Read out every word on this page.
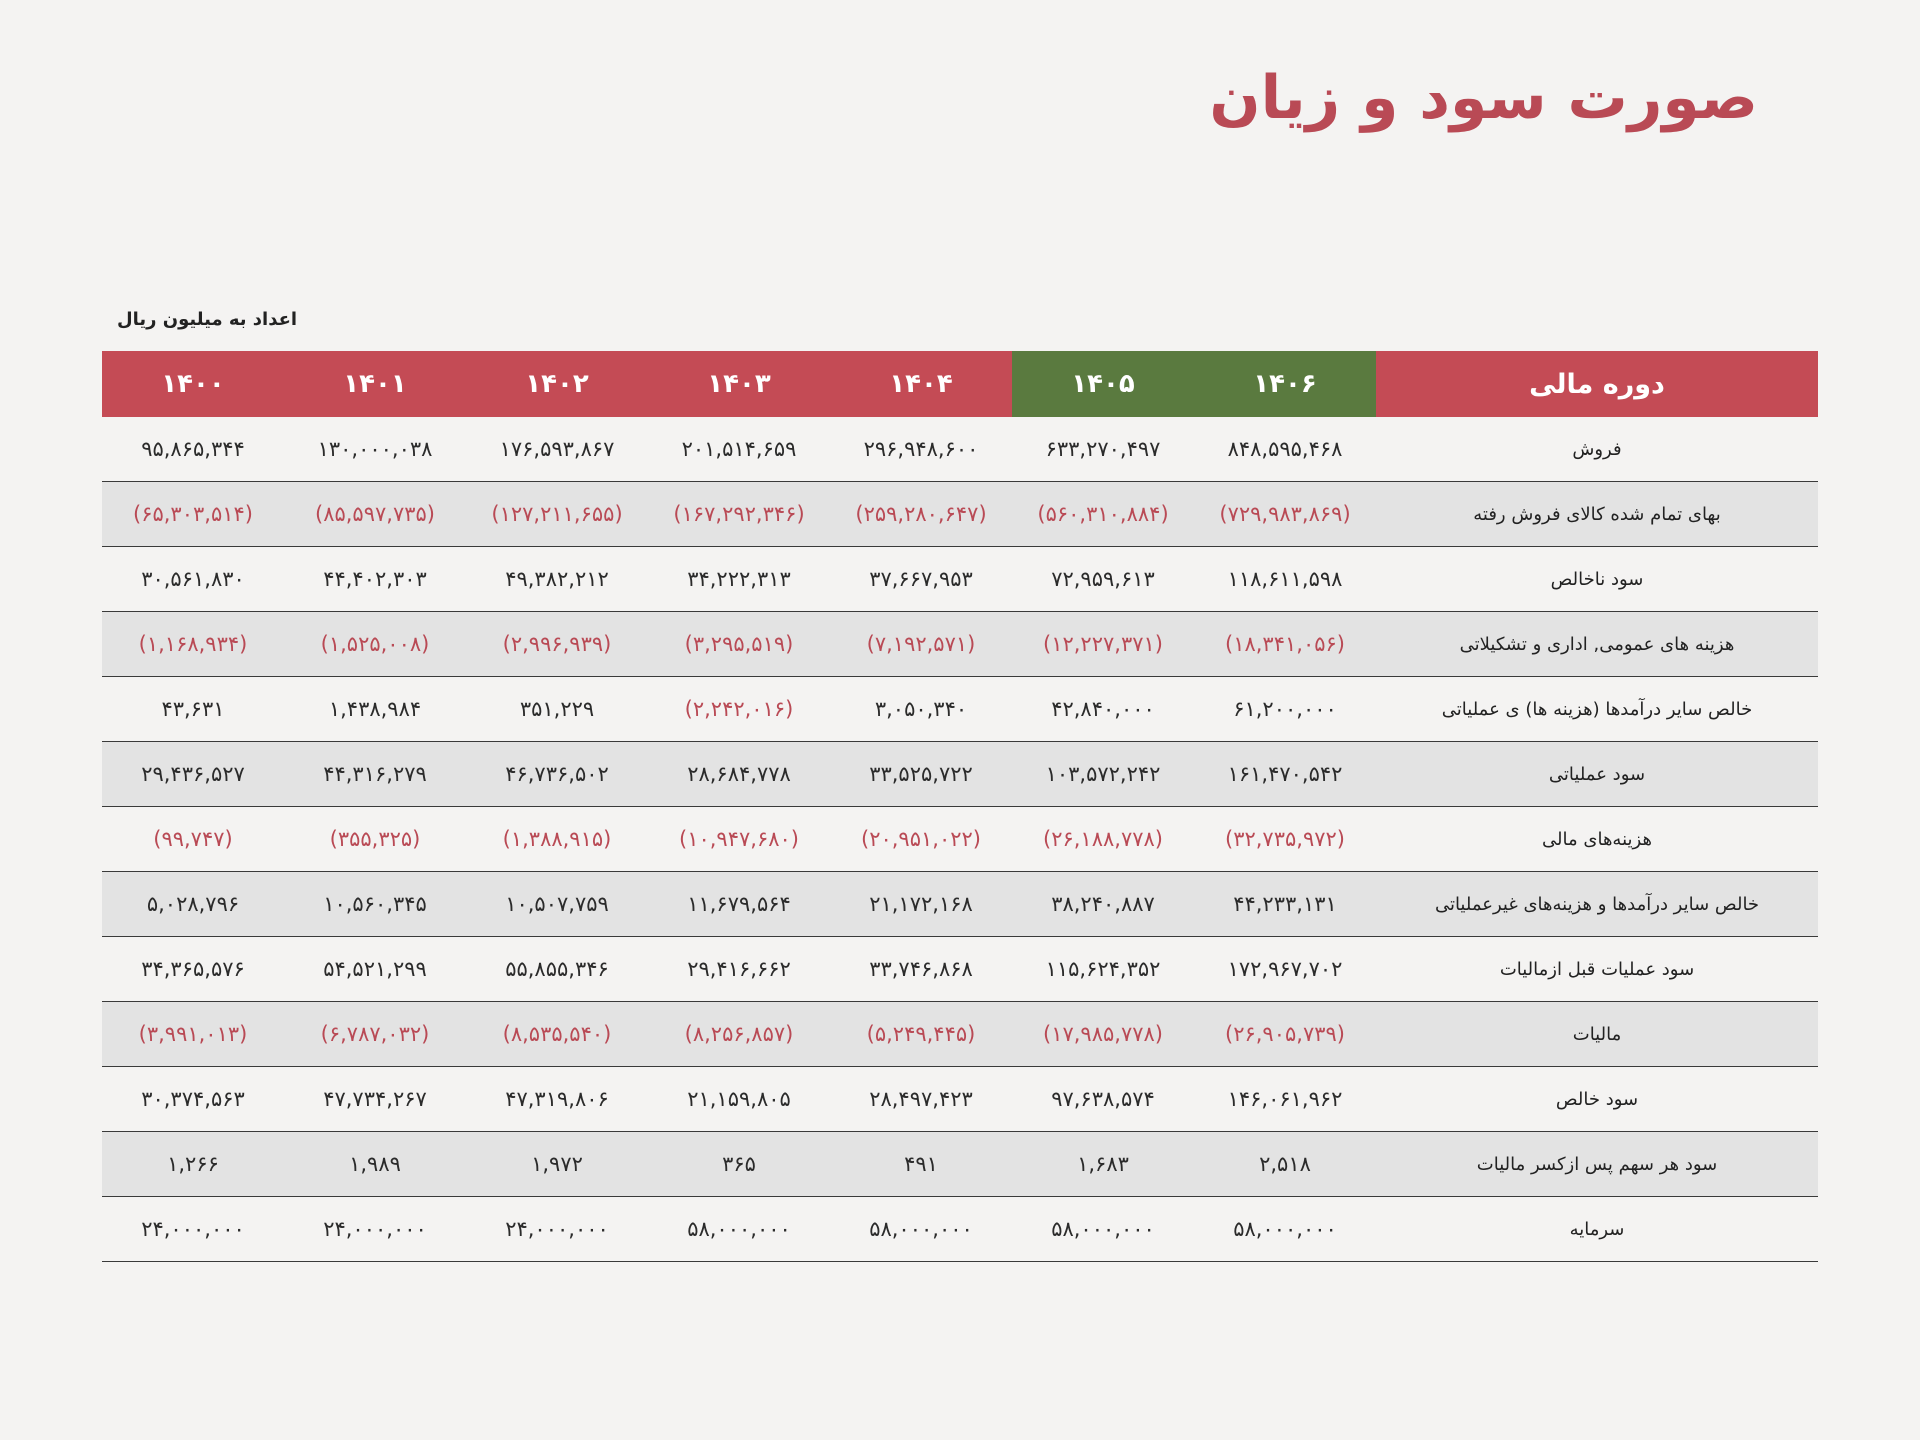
صورت سود و زیان
اعداد به میلیون ریال
دوره مالی	۱۴۰۶	۱۴۰۵	۱۴۰۴	۱۴۰۳	۱۴۰۲	۱۴۰۱	۱۴۰۰
فروش	۸۴۸,۵۹۵,۴۶۸	۶۳۳,۲۷۰,۴۹۷	۲۹۶,۹۴۸,۶۰۰	۲۰۱,۵۱۴,۶۵۹	۱۷۶,۵۹۳,۸۶۷	۱۳۰,۰۰۰,۰۳۸	۹۵,۸۶۵,۳۴۴
بهای تمام شده کالای فروش رفته	(۷۲۹,۹۸۳,۸۶۹)	(۵۶۰,۳۱۰,۸۸۴)	(۲۵۹,۲۸۰,۶۴۷)	(۱۶۷,۲۹۲,۳۴۶)	(۱۲۷,۲۱۱,۶۵۵)	(۸۵,۵۹۷,۷۳۵)	(۶۵,۳۰۳,۵۱۴)
سود ناخالص	۱۱۸,۶۱۱,۵۹۸	۷۲,۹۵۹,۶۱۳	۳۷,۶۶۷,۹۵۳	۳۴,۲۲۲,۳۱۳	۴۹,۳۸۲,۲۱۲	۴۴,۴۰۲,۳۰۳	۳۰,۵۶۱,۸۳۰
هزینه های عمومی, اداری و تشکیلاتی	(۱۸,۳۴۱,۰۵۶)	(۱۲,۲۲۷,۳۷۱)	(۷,۱۹۲,۵۷۱)	(۳,۲۹۵,۵۱۹)	(۲,۹۹۶,۹۳۹)	(۱,۵۲۵,۰۰۸)	(۱,۱۶۸,۹۳۴)
خالص سایر درآمدها (هزینه ها) ی عملیاتی	۶۱,۲۰۰,۰۰۰	۴۲,۸۴۰,۰۰۰	۳,۰۵۰,۳۴۰	(۲,۲۴۲,۰۱۶)	۳۵۱,۲۲۹	۱,۴۳۸,۹۸۴	۴۳,۶۳۱
سود عملیاتی	۱۶۱,۴۷۰,۵۴۲	۱۰۳,۵۷۲,۲۴۲	۳۳,۵۲۵,۷۲۲	۲۸,۶۸۴,۷۷۸	۴۶,۷۳۶,۵۰۲	۴۴,۳۱۶,۲۷۹	۲۹,۴۳۶,۵۲۷
هزینه‌های مالی	(۳۲,۷۳۵,۹۷۲)	(۲۶,۱۸۸,۷۷۸)	(۲۰,۹۵۱,۰۲۲)	(۱۰,۹۴۷,۶۸۰)	(۱,۳۸۸,۹۱۵)	(۳۵۵,۳۲۵)	(۹۹,۷۴۷)
خالص سایر درآمدها و هزینه‌های غیرعملیاتی	۴۴,۲۳۳,۱۳۱	۳۸,۲۴۰,۸۸۷	۲۱,۱۷۲,۱۶۸	۱۱,۶۷۹,۵۶۴	۱۰,۵۰۷,۷۵۹	۱۰,۵۶۰,۳۴۵	۵,۰۲۸,۷۹۶
سود عملیات قبل ازمالیات	۱۷۲,۹۶۷,۷۰۲	۱۱۵,۶۲۴,۳۵۲	۳۳,۷۴۶,۸۶۸	۲۹,۴۱۶,۶۶۲	۵۵,۸۵۵,۳۴۶	۵۴,۵۲۱,۲۹۹	۳۴,۳۶۵,۵۷۶
مالیات	(۲۶,۹۰۵,۷۳۹)	(۱۷,۹۸۵,۷۷۸)	(۵,۲۴۹,۴۴۵)	(۸,۲۵۶,۸۵۷)	(۸,۵۳۵,۵۴۰)	(۶,۷۸۷,۰۳۲)	(۳,۹۹۱,۰۱۳)
سود خالص	۱۴۶,۰۶۱,۹۶۲	۹۷,۶۳۸,۵۷۴	۲۸,۴۹۷,۴۲۳	۲۱,۱۵۹,۸۰۵	۴۷,۳۱۹,۸۰۶	۴۷,۷۳۴,۲۶۷	۳۰,۳۷۴,۵۶۳
سود هر سهم پس ازکسر مالیات	۲,۵۱۸	۱,۶۸۳	۴۹۱	۳۶۵	۱,۹۷۲	۱,۹۸۹	۱,۲۶۶
سرمایه	۵۸,۰۰۰,۰۰۰	۵۸,۰۰۰,۰۰۰	۵۸,۰۰۰,۰۰۰	۵۸,۰۰۰,۰۰۰	۲۴,۰۰۰,۰۰۰	۲۴,۰۰۰,۰۰۰	۲۴,۰۰۰,۰۰۰
